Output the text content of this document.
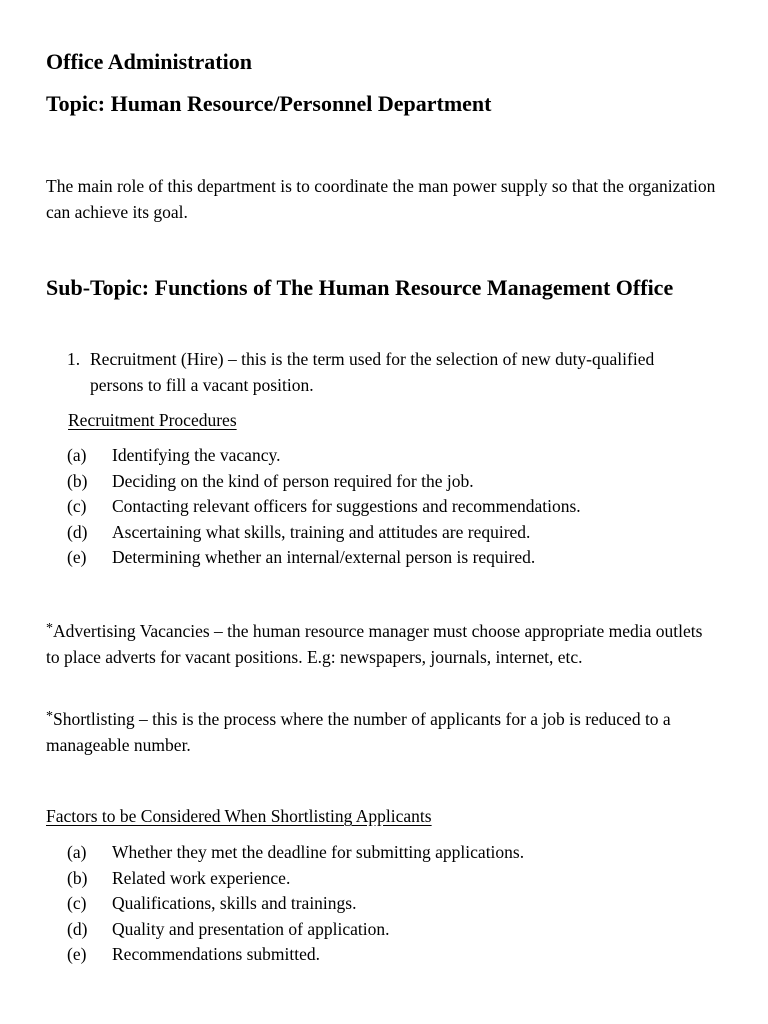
Office Administration
Topic: Human Resource/Personnel Department
The main role of this department is to coordinate the man power supply so that the organization can achieve its goal.
Sub-Topic: Functions of The Human Resource Management Office
1. Recruitment (Hire) – this is the term used for the selection of new duty-qualified persons to fill a vacant position.
Recruitment Procedures
(a) Identifying the vacancy.
(b) Deciding on the kind of person required for the job.
(c) Contacting relevant officers for suggestions and recommendations.
(d) Ascertaining what skills, training and attitudes are required.
(e) Determining whether an internal/external person is required.
*Advertising Vacancies – the human resource manager must choose appropriate media outlets to place adverts for vacant positions. E.g: newspapers, journals, internet, etc.
*Shortlisting – this is the process where the number of applicants for a job is reduced to a manageable number.
Factors to be Considered When Shortlisting Applicants
(a) Whether they met the deadline for submitting applications.
(b) Related work experience.
(c) Qualifications, skills and trainings.
(d) Quality and presentation of application.
(e) Recommendations submitted.
